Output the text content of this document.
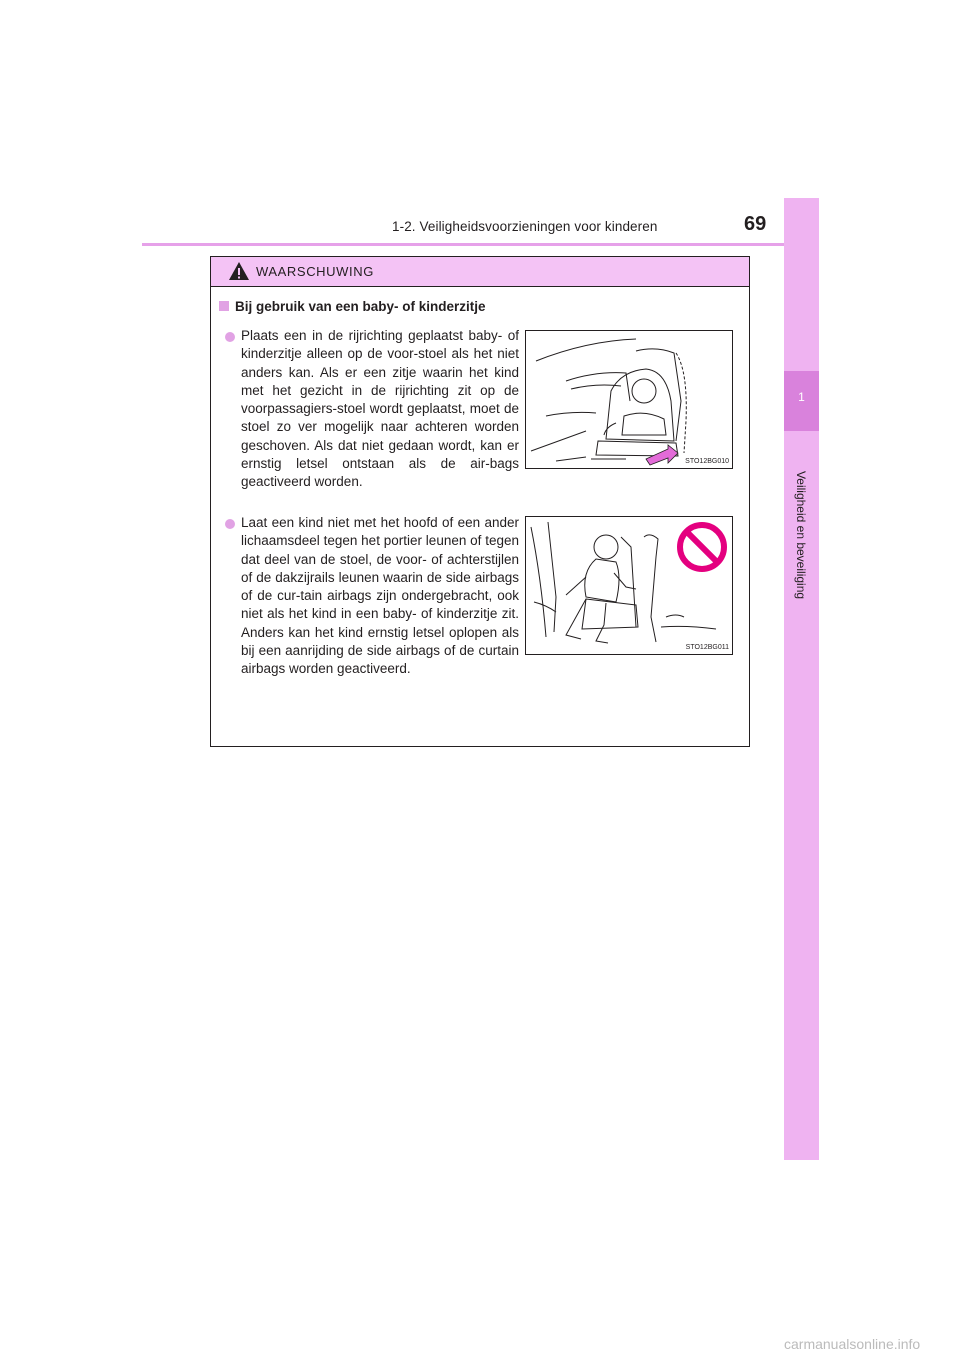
1-2. Veiligheidsvoorzieningen voor kinderen	69
1
Veiligheid en beveiliging
WAARSCHUWING
Bij gebruik van een baby- of kinderzitje
Plaats een in de rijrichting geplaatst baby- of kinderzitje alleen op de voor-stoel als het niet anders kan. Als er een zitje waarin het kind met het gezicht in de rijrichting zit op de voorpassagiers-stoel wordt geplaatst, moet de stoel zo ver mogelijk naar achteren worden geschoven. Als dat niet gedaan wordt, kan er ernstig letsel ontstaan als de air-bags geactiveerd worden.
STO12BG010
Laat een kind niet met het hoofd of een ander lichaamsdeel tegen het portier leunen of tegen dat deel van de stoel, de voor- of achterstijlen of de dakzijrails leunen waarin de side airbags of de cur-tain airbags zijn ondergebracht, ook niet als het kind in een baby- of kinderzitje zit. Anders kan het kind ernstig letsel oplopen als bij een aanrijding de side airbags of de curtain airbags worden geactiveerd.
STO12BG011
carmanualsonline.info
